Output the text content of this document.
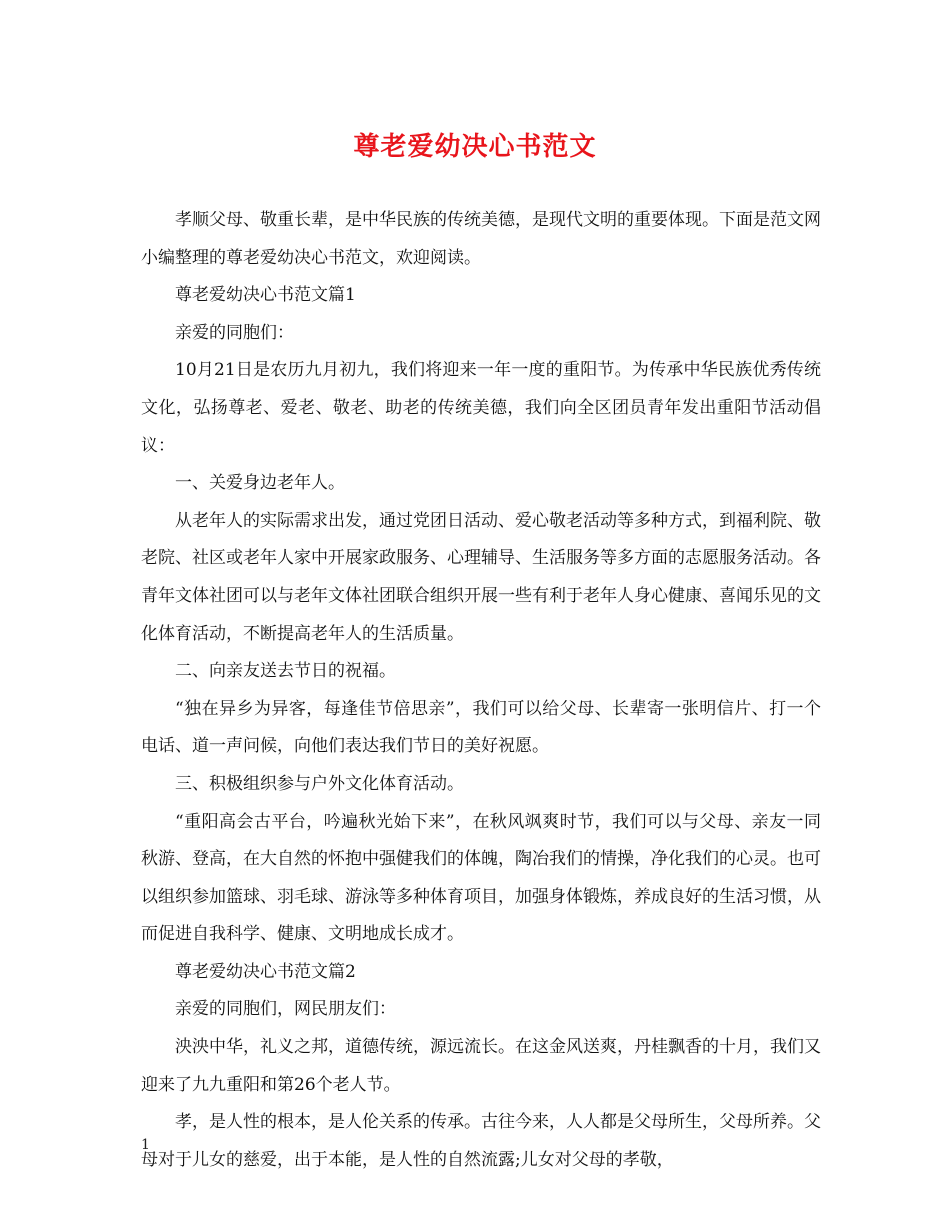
尊老爱幼决心书范文

孝顺父母、敬重长辈，是中华民族的传统美德，是现代文明的重要体现。下面是范文网小编整理的尊老爱幼决心书范文，欢迎阅读。

尊老爱幼决心书范文篇1

亲爱的同胞们：

10月21日是农历九月初九，我们将迎来一年一度的重阳节。为传承中华民族优秀传统文化，弘扬尊老、爱老、敬老、助老的传统美德，我们向全区团员青年发出重阳节活动倡议：

一、关爱身边老年人。

从老年人的实际需求出发，通过党团日活动、爱心敬老活动等多种方式，到福利院、敬老院、社区或老年人家中开展家政服务、心理辅导、生活服务等多方面的志愿服务活动。各青年文体社团可以与老年文体社团联合组织开展一些有利于老年人身心健康、喜闻乐见的文化体育活动，不断提高老年人的生活质量。

二、向亲友送去节日的祝福。

“独在异乡为异客，每逢佳节倍思亲”，我们可以给父母、长辈寄一张明信片、打一个电话、道一声问候，向他们表达我们节日的美好祝愿。

三、积极组织参与户外文化体育活动。

“重阳高会古平台，吟遍秋光始下来”，在秋风飒爽时节，我们可以与父母、亲友一同秋游、登高，在大自然的怀抱中强健我们的体魄，陶冶我们的情操，净化我们的心灵。也可以组织参加篮球、羽毛球、游泳等多种体育项目，加强身体锻炼，养成良好的生活习惯，从而促进自我科学、健康、文明地成长成才。

尊老爱幼决心书范文篇2

亲爱的同胞们，网民朋友们：

泱泱中华，礼义之邦，道德传统，源远流长。在这金风送爽，丹桂飘香的十月，我们又迎来了九九重阳和第26个老人节。

孝，是人性的根本，是人伦关系的传承。古往今来，人人都是父母所生，父母所养。父母对于儿女的慈爱，出于本能，是人性的自然流露;儿女对父母的孝敬，

1
